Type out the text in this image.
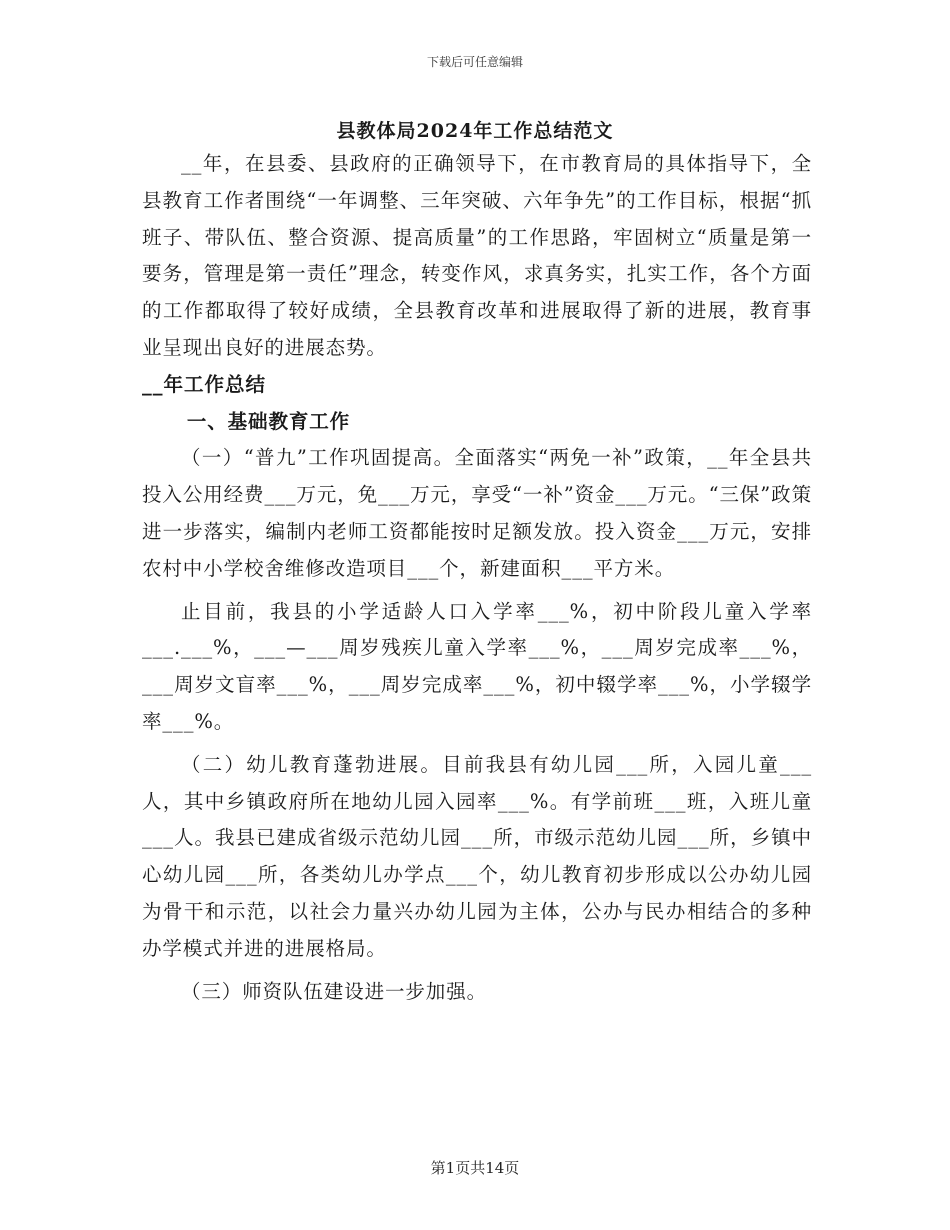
下载后可任意编辑
县教体局2024年工作总结范文

__年，在县委、县政府的正确领导下，在市教育局的具体指导下，全县教育工作者围绕“一年调整、三年突破、六年争先”的工作目标，根据“抓班子、带队伍、整合资源、提高质量”的工作思路，牢固树立“质量是第一要务，管理是第一责任”理念，转变作风，求真务实，扎实工作，各个方面的工作都取得了较好成绩，全县教育改革和进展取得了新的进展，教育事业呈现出良好的进展态势。

__年工作总结

一、基础教育工作

（一）“普九”工作巩固提高。全面落实“两免一补”政策，__年全县共投入公用经费___万元，免___万元，享受“一补”资金___万元。“三保”政策进一步落实，编制内老师工资都能按时足额发放。投入资金___万元，安排农村中小学校舍维修改造项目___个，新建面积___平方米。

止目前，我县的小学适龄人口入学率___%，初中阶段儿童入学率___.___%，___—___周岁残疾儿童入学率___%，___周岁完成率___%，___周岁文盲率___%，___周岁完成率___%，初中辍学率___%，小学辍学率___%。

（二）幼儿教育蓬勃进展。目前我县有幼儿园___所，入园儿童___人，其中乡镇政府所在地幼儿园入园率___%。有学前班___班，入班儿童___人。我县已建成省级示范幼儿园___所，市级示范幼儿园___所，乡镇中心幼儿园___所，各类幼儿办学点___个，幼儿教育初步形成以公办幼儿园为骨干和示范，以社会力量兴办幼儿园为主体，公办与民办相结合的多种办学模式并进的进展格局。

（三）师资队伍建设进一步加强。

第1页共14页
